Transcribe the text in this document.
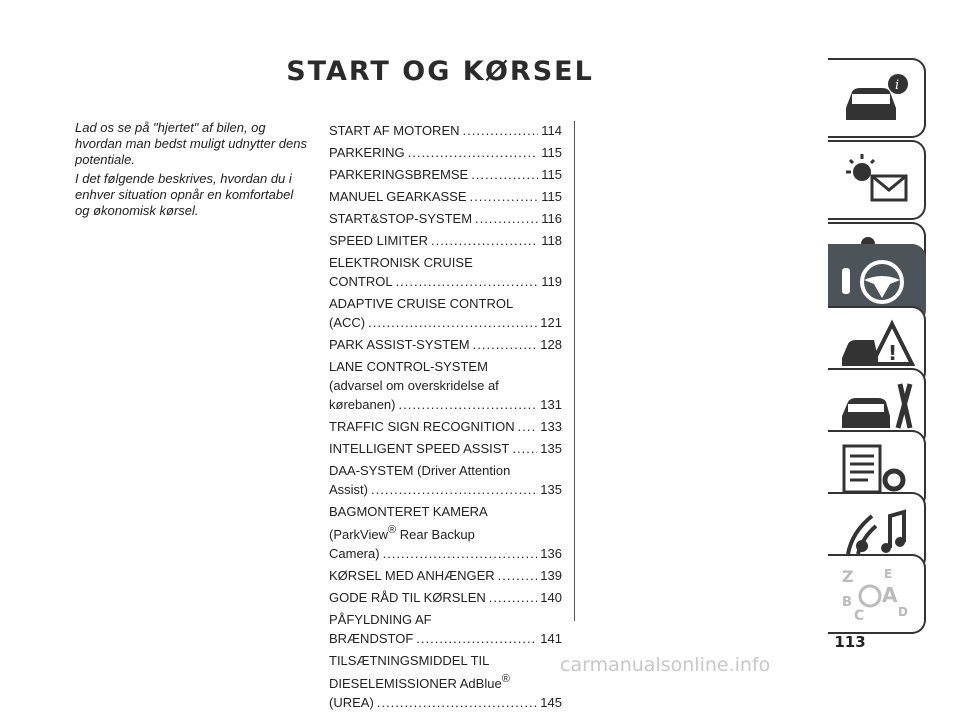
START OG KØRSEL

Lad os se på "hjertet" af bilen, og hvordan man bedst muligt udnytter dens potentiale.

I det følgende beskrives, hvordan du i enhver situation opnår en komfortabel og økonomisk kørsel.

START AF MOTOREN .....	114
PARKERING .....	115
PARKERINGSBREMSE .....	115
MANUEL GEARKASSE .....	115
START&STOP-SYSTEM .....	116
SPEED LIMITER .....	118
ELEKTRONISK CRUISE
CONTROL .....	119
ADAPTIVE CRUISE CONTROL
(ACC) .....	121
PARK ASSIST-SYSTEM .....	128
LANE CONTROL-SYSTEM
(advarsel om overskridelse af
kørebanen) .....	131
TRAFFIC SIGN RECOGNITION ..... 133
INTELLIGENT SPEED ASSIST ..... 135
DAA-SYSTEM (Driver Attention
Assist) .....	135
BAGMONTERET KAMERA
(ParkView® Rear Backup
Camera) .....	136
KØRSEL MED ANHÆNGER .....	139
GODE RÅD TIL KØRSLEN .....	140
PÅFYLDNING AF
BRÆNDSTOF .....	141
TILSÆTNINGSMIDDEL TIL
DIESELEMISSIONER AdBlue®
(UREA) .....	145
i
!
Z	E
B A
C	D
113
carmanualsonline.info
